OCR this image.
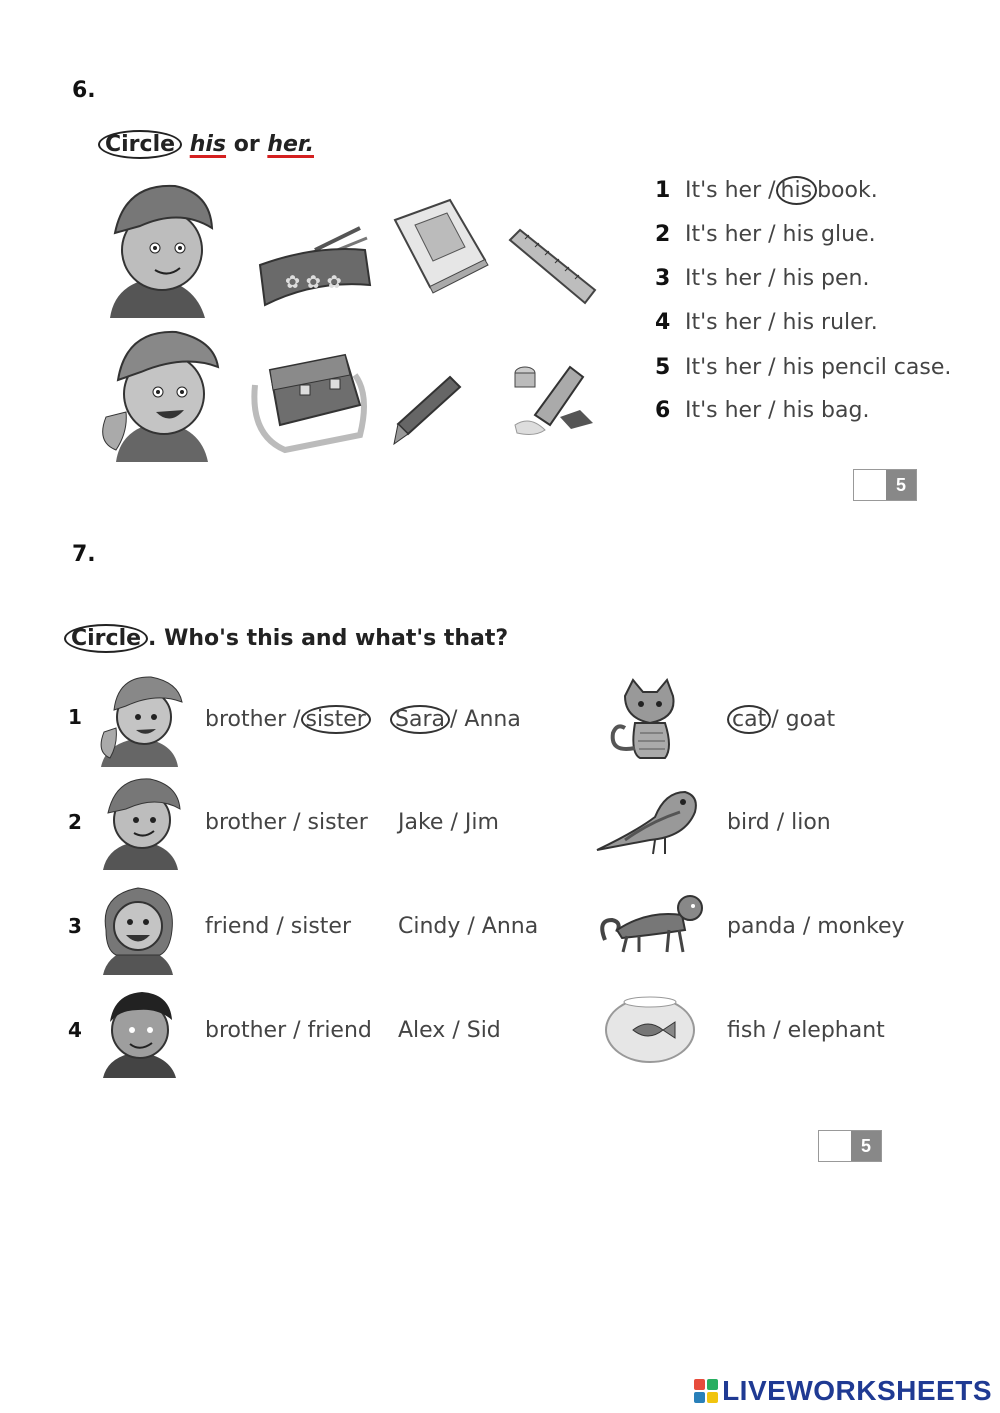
6.
Circle his or her.
✿ ✿ ✿
1 It's her / his book.
2 It's her / his glue.
3 It's her / his pen.
4 It's her / his ruler.
5 It's her / his pencil case.
6 It's her / his bag.
5
7.
Circle . Who's this and what's that?
1	brother / sister Sara / Anna	cat / goat
2	brother / sister Jake / Jim	bird / lion
3	friend / sister Cindy / Anna	panda / monkey
4	brother / friend Alex / Sid	fish / elephant
5
LIVEWORKSHEETS
